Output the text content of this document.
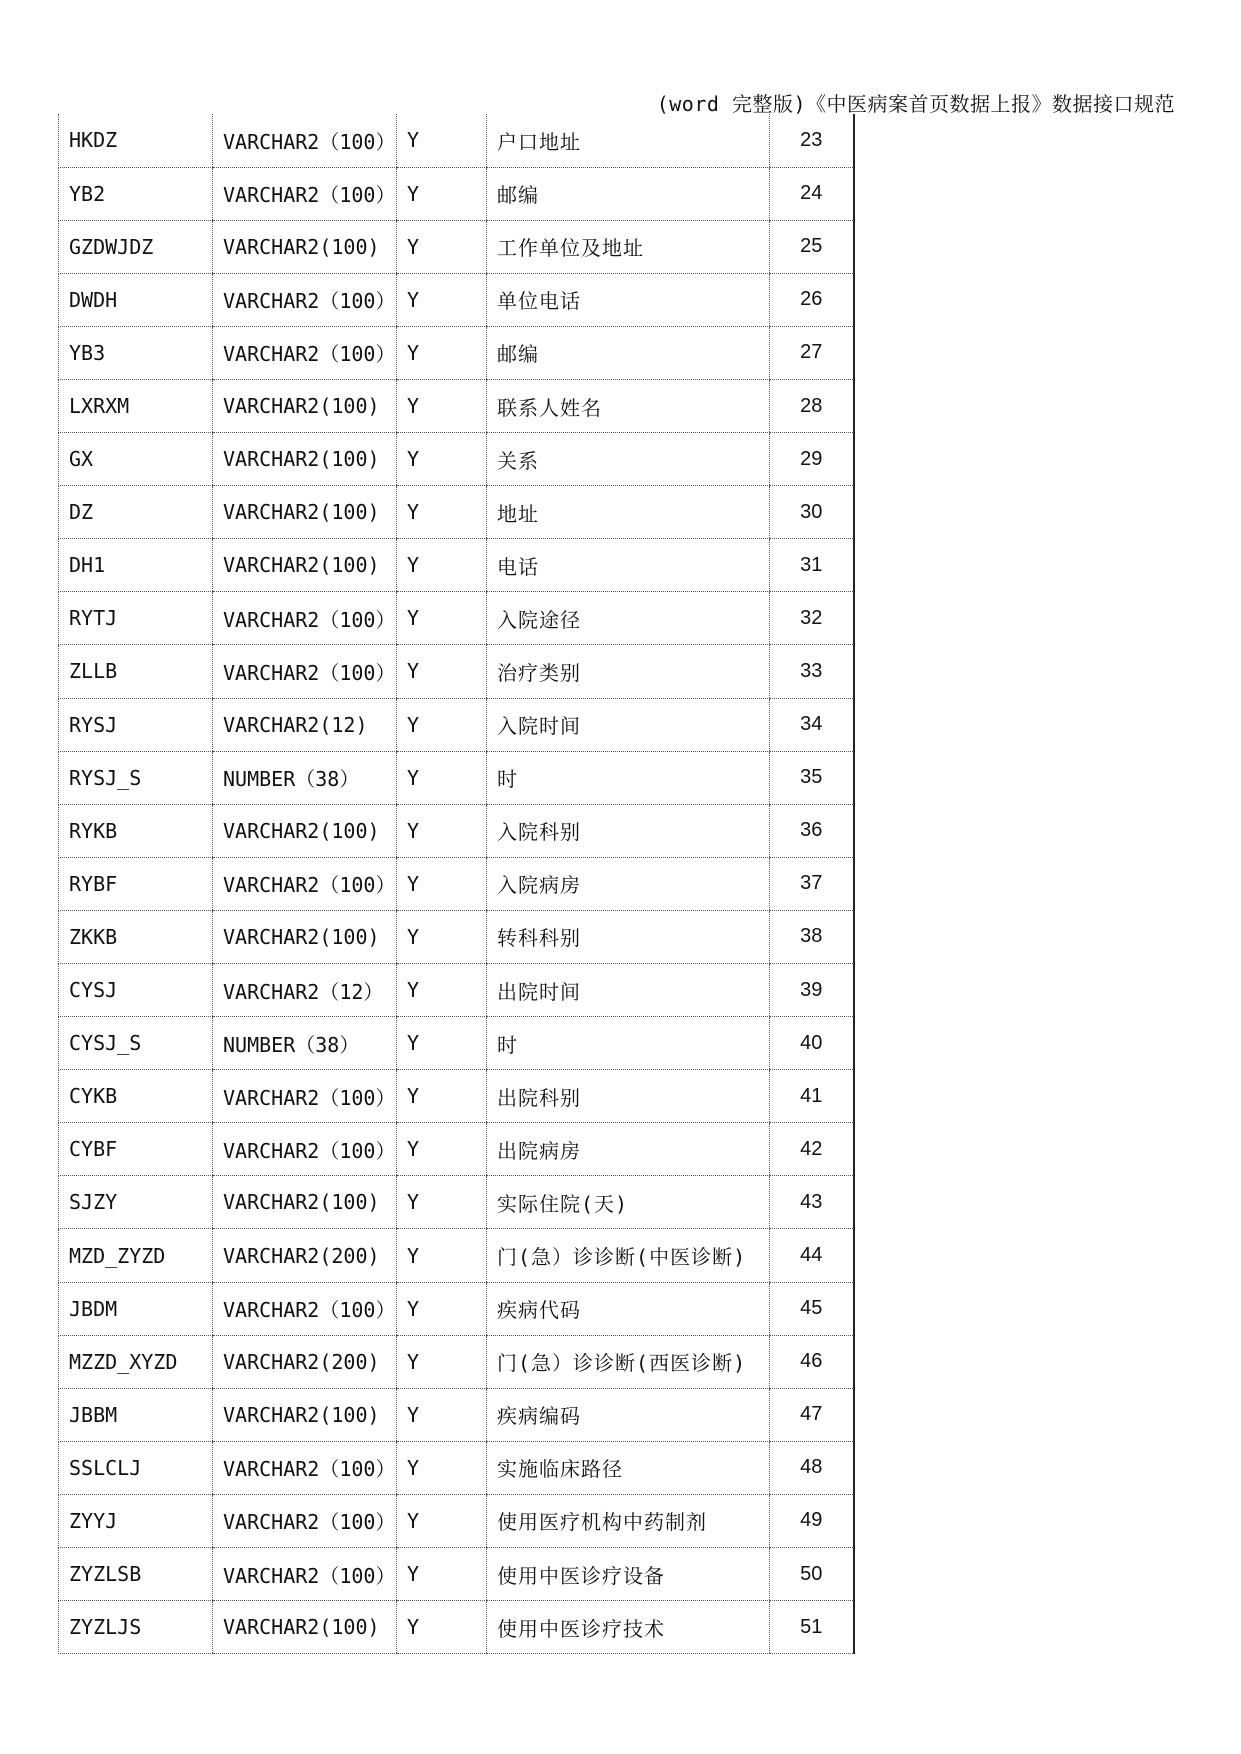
(word 完整版)《中医病案首页数据上报》数据接口规范
HKDZ	VARCHAR2（100）	Y	户口地址	23
YB2	VARCHAR2（100）	Y	邮编	24
GZDWJDZ	VARCHAR2(100)	Y	工作单位及地址	25
DWDH	VARCHAR2（100）	Y	单位电话	26
YB3	VARCHAR2（100）	Y	邮编	27
LXRXM	VARCHAR2(100)	Y	联系人姓名	28
GX	VARCHAR2(100)	Y	关系	29
DZ	VARCHAR2(100)	Y	地址	30
DH1	VARCHAR2(100)	Y	电话	31
RYTJ	VARCHAR2（100）	Y	入院途径	32
ZLLB	VARCHAR2（100）	Y	治疗类别	33
RYSJ	VARCHAR2(12)	Y	入院时间	34
RYSJ_S	NUMBER（38）	Y	时	35
RYKB	VARCHAR2(100)	Y	入院科别	36
RYBF	VARCHAR2（100）	Y	入院病房	37
ZKKB	VARCHAR2(100)	Y	转科科别	38
CYSJ	VARCHAR2（12）	Y	出院时间	39
CYSJ_S	NUMBER（38）	Y	时	40
CYKB	VARCHAR2（100）	Y	出院科别	41
CYBF	VARCHAR2（100）	Y	出院病房	42
SJZY	VARCHAR2(100)	Y	实际住院(天)	43
MZD_ZYZD	VARCHAR2(200)	Y	门(急）诊诊断(中医诊断)	44
JBDM	VARCHAR2（100）	Y	疾病代码	45
MZZD_XYZD	VARCHAR2(200)	Y	门(急）诊诊断(西医诊断)	46
JBBM	VARCHAR2(100)	Y	疾病编码	47
SSLCLJ	VARCHAR2（100）	Y	实施临床路径	48
ZYYJ	VARCHAR2（100）	Y	使用医疗机构中药制剂	49
ZYZLSB	VARCHAR2（100）	Y	使用中医诊疗设备	50
ZYZLJS	VARCHAR2(100)	Y	使用中医诊疗技术	51
